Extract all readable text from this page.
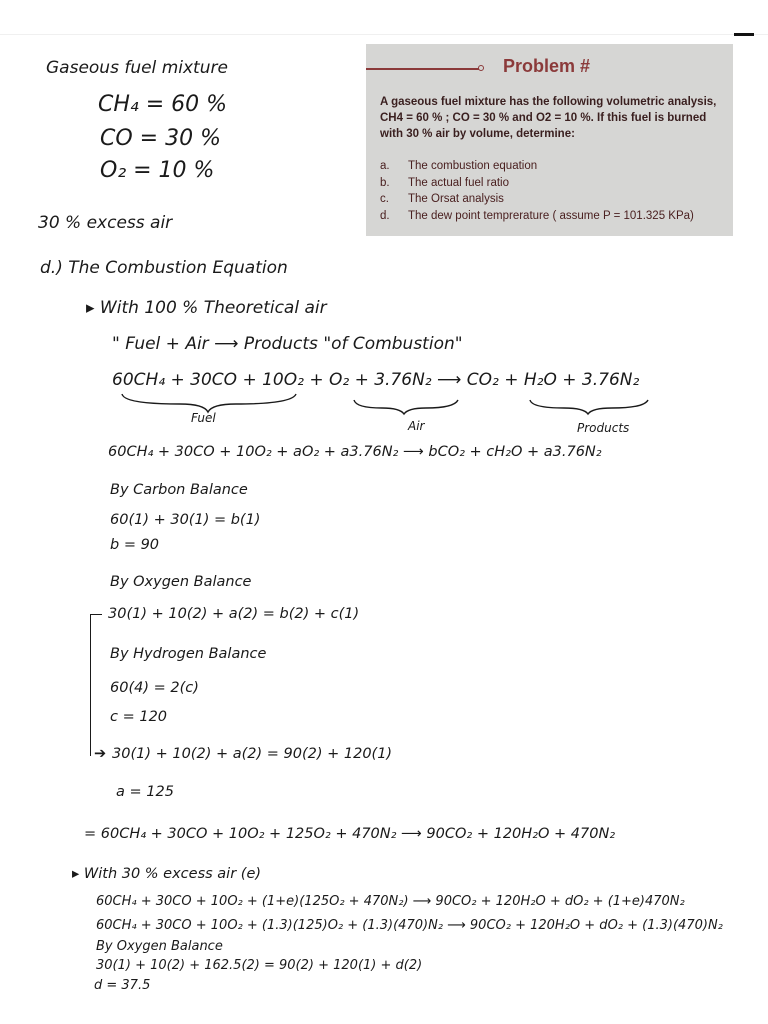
Gaseous fuel mixture
CH₄ = 60 %
CO = 30 %
O₂ = 10 %
30 % excess air
Problem #
A gaseous fuel mixture has the following volumetric analysis, CH4 = 60 % ; CO = 30 % and O2 = 10 %. If this fuel is burned with 30 % air by volume, determine:
a.	The combustion equation
b.	The actual fuel ratio
c.	The Orsat analysis
d.	The dew point temprerature ( assume P = 101.325 KPa)
d.) The Combustion Equation
▸ With 100 % Theoretical air
" Fuel + Air ⟶ Products "of Combustion"
60CH₄ + 30CO + 10O₂ + O₂ + 3.76N₂ ⟶ CO₂ + H₂O + 3.76N₂
Fuel
Air	Products
60CH₄ + 30CO + 10O₂ + aO₂ + a3.76N₂ ⟶ bCO₂ + cH₂O + a3.76N₂
By Carbon Balance
60(1) + 30(1) = b(1)
b = 90
By Oxygen Balance
30(1) + 10(2) + a(2) = b(2) + c(1)
By Hydrogen Balance
60(4) = 2(c)
c = 120
➔ 30(1) + 10(2) + a(2) = 90(2) + 120(1)
a = 125
= 60CH₄ + 30CO + 10O₂ + 125O₂ + 470N₂ ⟶ 90CO₂ + 120H₂O + 470N₂
▸ With 30 % excess air (e)
60CH₄ + 30CO + 10O₂ + (1+e)(125O₂ + 470N₂) ⟶ 90CO₂ + 120H₂O + dO₂ + (1+e)470N₂
60CH₄ + 30CO + 10O₂ + (1.3)(125)O₂ + (1.3)(470)N₂ ⟶ 90CO₂ + 120H₂O + dO₂ + (1.3)(470)N₂
By Oxygen Balance
30(1) + 10(2) + 162.5(2) = 90(2) + 120(1) + d(2)
d = 37.5
